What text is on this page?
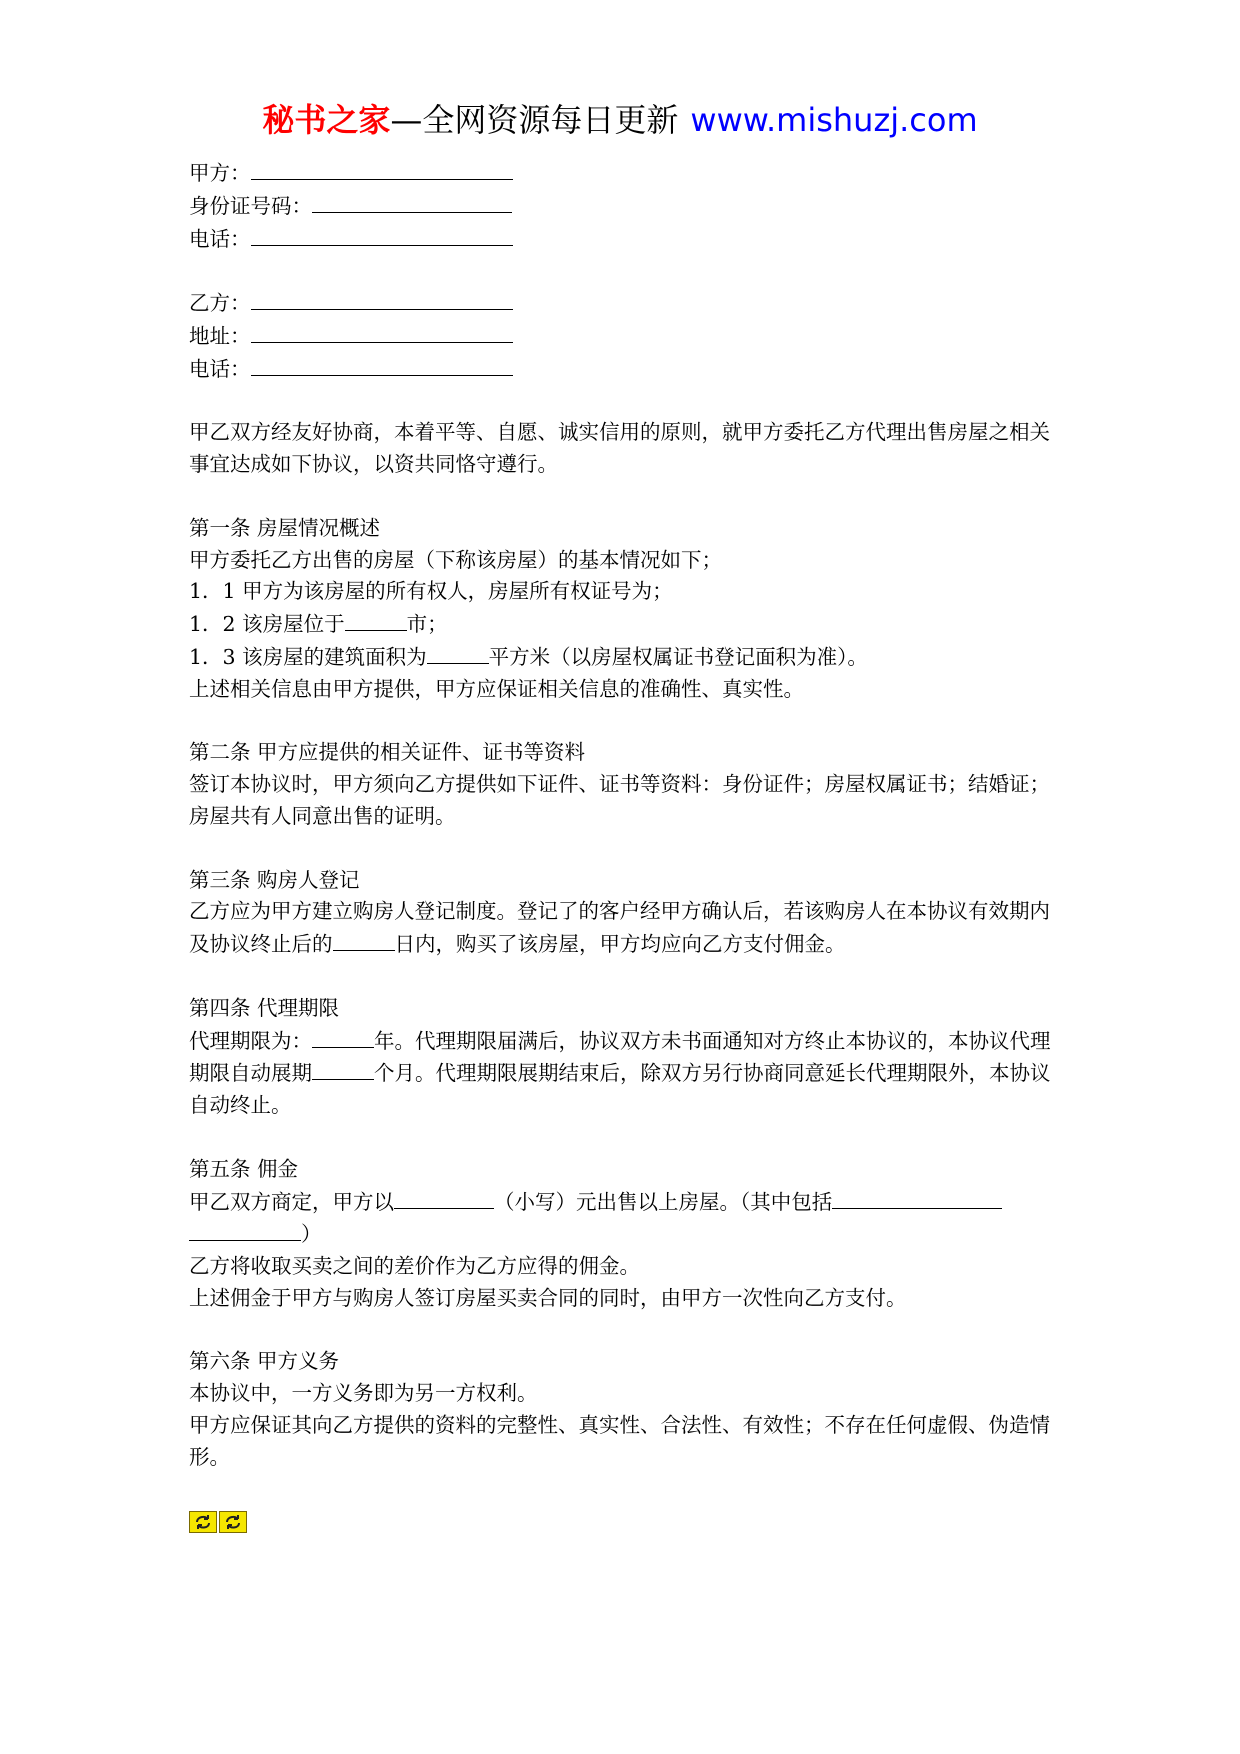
秘书之家—全网资源每日更新 www.mishuzj.com
甲方：
身份证号码：
电话：
乙方：
地址：
电话：

甲乙双方经友好协商，本着平等、自愿、诚实信用的原则，就甲方委托乙方代理出售房屋之相关事宜达成如下协议，以资共同恪守遵行。

第一条 房屋情况概述

甲方委托乙方出售的房屋（下称该房屋）的基本情况如下；

1．1 甲方为该房屋的所有权人，房屋所有权证号为；

1．2 该房屋位于	市；

1．3 该房屋的建筑面积为	平方米（以房屋权属证书登记面积为准）。

上述相关信息由甲方提供，甲方应保证相关信息的准确性、真实性。

第二条 甲方应提供的相关证件、证书等资料

签订本协议时，甲方须向乙方提供如下证件、证书等资料：身份证件；房屋权属证书；结婚证；房屋共有人同意出售的证明。

第三条 购房人登记

乙方应为甲方建立购房人登记制度。登记了的客户经甲方确认后，若该购房人在本协议有效期内及协议终止后的	日内，购买了该房屋，甲方均应向乙方支付佣金。

第四条 代理期限

代理期限为：	年。代理期限届满后，协议双方未书面通知对方终止本协议的，本协议代理期限自动展期	个月。代理期限展期结束后，除双方另行协商同意延长代理期限外，本协议自动终止。

第五条 佣金

甲乙双方商定，甲方以	（小写）元出售以上房屋。（其中包括
）

乙方将收取买卖之间的差价作为乙方应得的佣金。

上述佣金于甲方与购房人签订房屋买卖合同的同时，由甲方一次性向乙方支付。

第六条 甲方义务

本协议中，一方义务即为另一方权利。

甲方应保证其向乙方提供的资料的完整性、真实性、合法性、有效性；不存在任何虚假、伪造情形。
